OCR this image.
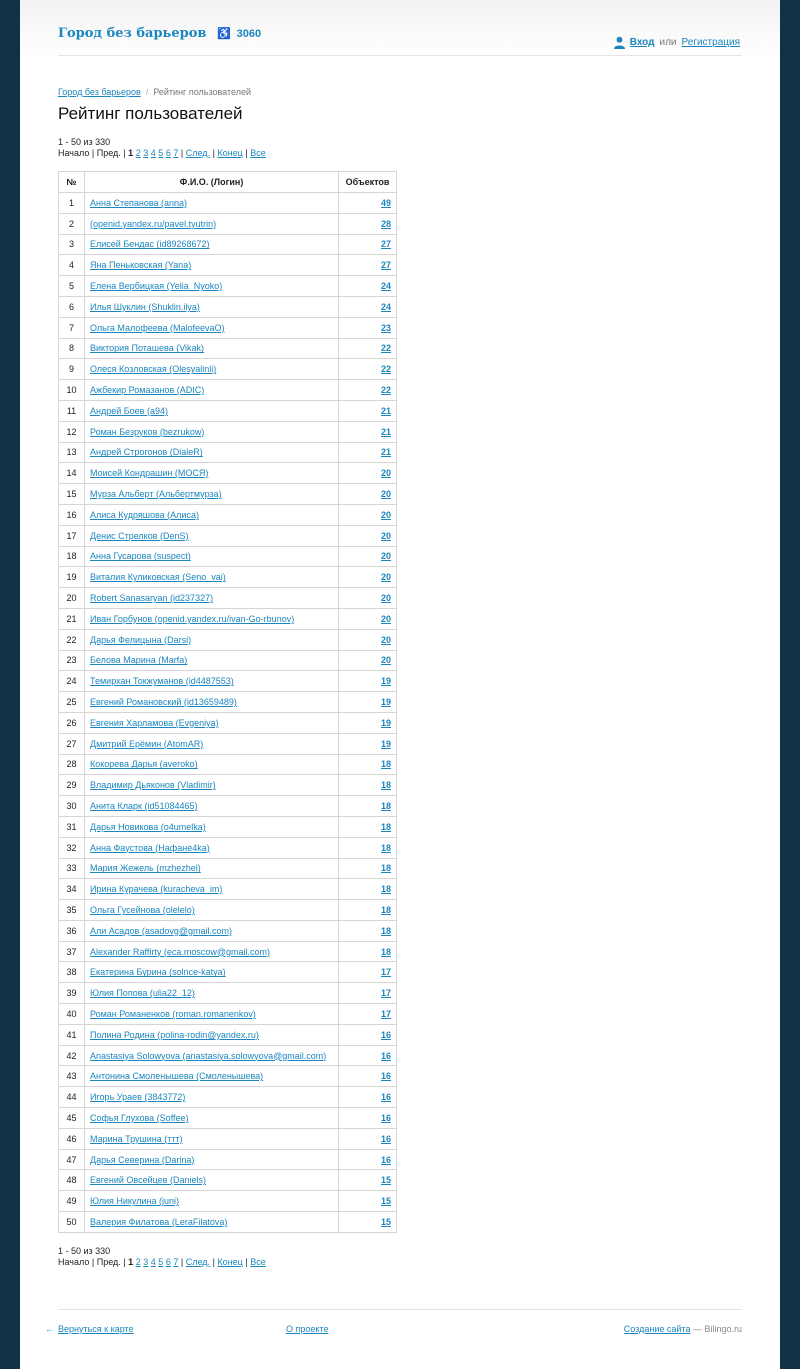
Город без барьеров ♿ 3060
Вход или Регистрация
Город без барьеров / Рейтинг пользователей
Рейтинг пользователей
1 - 50 из 330
Начало | Пред. | 1 2 3 4 5 6 7 | След. | Конец | Все
№	Ф.И.О. (Логин)	Объектов
1	Анна Степанова (anna)	49
2	(openid.yandex.ru/pavel.tyutrin)	28
3	Елисей Бендас (id89268672)	27
4	Яна Пеньковская (Yana)	27
5	Елена Вербицкая (Yelia_Nyoko)	24
6	Илья Шуклин (Shuklin.ilya)	24
7	Ольга Малофеева (MalofeevaO)	23
8	Виктория Поташева (Vikak)	22
9	Олеся Козловская (Olesyalinli)	22
10	Ажбекир Ромазанов (ADIC)	22
11	Андрей Боев (a94)	21
12	Роман Безруков (bezrukow)	21
13	Андрей Строгонов (DialeR)	21
14	Моисей Кондрашин (МОСЯ)	20
15	Мурза Альберт (Альбертмурза)	20
16	Алиса Кудряшова (Алиса)	20
17	Денис Стрелков (DenS)	20
18	Анна Гусарова (suspect)	20
19	Виталия Куликовская (Seno_vai)	20
20	Robert Sanasaryan (id237327)	20
21	Иван Горбунов (openid.yandex.ru/ivan-Go-rbunov)	20
22	Дарья Фелицына (Darsi)	20
23	Белова Марина (Marfa)	20
24	Темирхан Токжуманов (id4487553)	19
25	Евгений Романовский (id13659489)	19
26	Евгения Харламова (Evgeniya)	19
27	Дмитрий Ерёмин (AtomAR)	19
28	Кокорева Дарья (averoko)	18
29	Владимир Дьяконов (Vladimir)	18
30	Анита Кларк (id51084465)	18
31	Дарья Новикова (o4umelka)	18
32	Анна Фаустова (Нафане4ka)	18
33	Мария Жежель (mzhezhel)	18
34	Ирина Курачева (kuracheva_im)	18
35	Ольга Гусейнова (olelelo)	18
36	Али Асадов (asadovg@gmail.com)	18
37	Alexander Raffirty (eca.moscow@gmail.com)	18
38	Екатерина Бурина (solnce-katya)	17
39	Юлия Попова (ulia22_12)	17
40	Роман Романенков (roman.romanenkov)	17
41	Полина Родина (polina-rodin@yandex.ru)	16
42	Anastasiya Solowyova (anastasiya.solowyova@gmail.com)	16
43	Антонина Смоленышева (Смоленышева)	16
44	Игорь Ураев (3843772)	16
45	Софья Глухова (Soffee)	16
46	Марина Трушина (ттт)	16
47	Дарья Северина (Darina)	16
48	Евгений Овсейцев (Daniels)	15
49	Юлия Никулина (juni)	15
50	Валерия Филатова (LeraFilatova)	15
1 - 50 из 330
Начало | Пред. | 1 2 3 4 5 6 7 | След. | Конец | Все
← Вернуться к карте	О проекте	Создание сайта — Bilingo.ru
